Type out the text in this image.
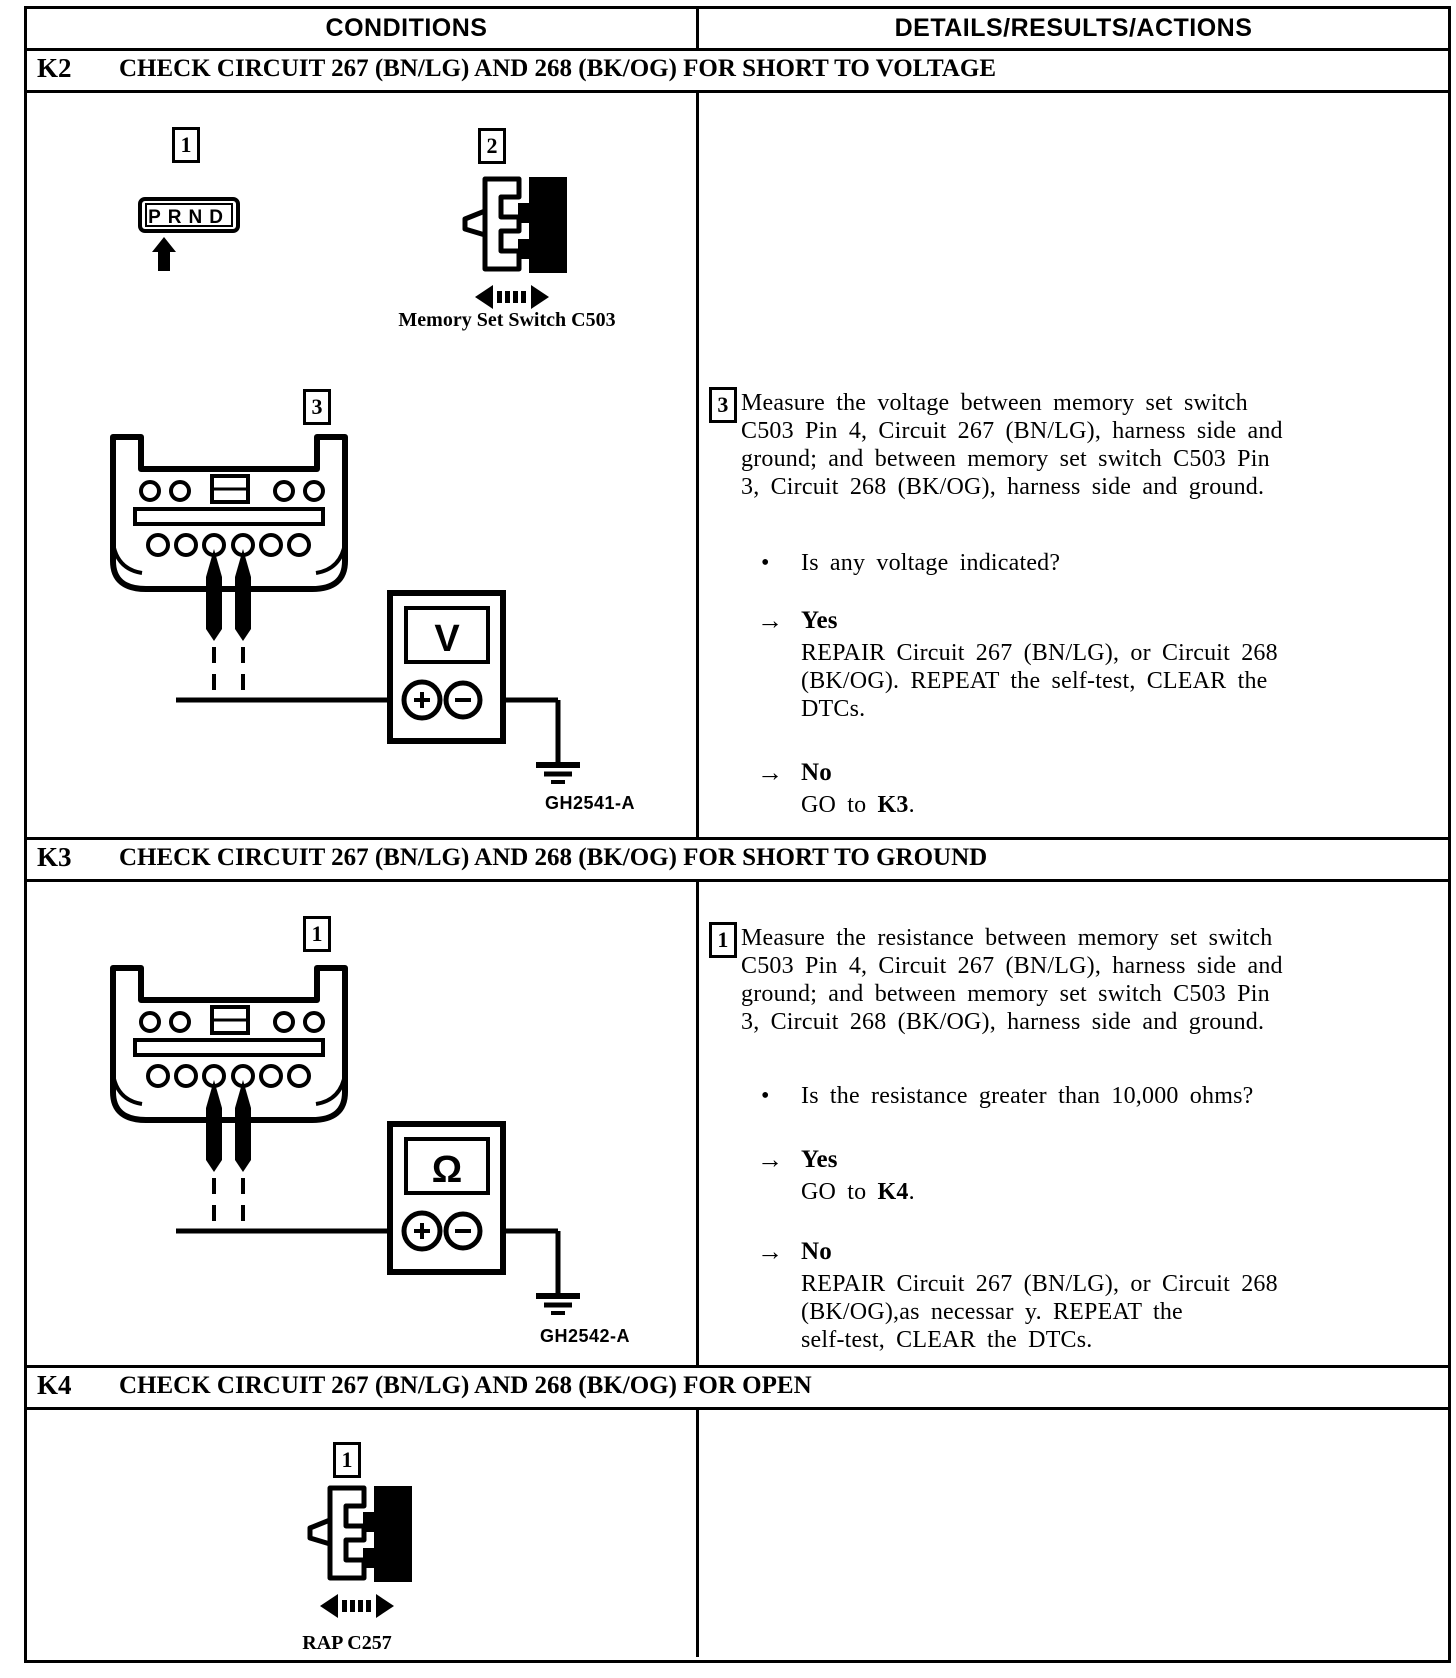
CONDITIONS	DETAILS/RESULTS/ACTIONS
K2 CHECK CIRCUIT 267 (BN/LG) AND 268 (BK/OG) FOR SHORT TO VOLTAGE
1
PRND
2
Memory Set Switch C503
3
V
GH2541-A
3 Measure the voltage between memory set switch
C503 Pin 4, Circuit 267 (BN/LG), harness side and
ground; and between memory set switch C503 Pin
3, Circuit 268 (BK/OG), harness side and ground.
• Is any voltage indicated?
→ Yes
REPAIR Circuit 267 (BN/LG), or Circuit 268
(BK/OG). REPEAT the self-test, CLEAR the
DTCs.
→ No
GO to K3.
K3 CHECK CIRCUIT 267 (BN/LG) AND 268 (BK/OG) FOR SHORT TO GROUND
1
Ω
GH2542-A
1 Measure the resistance between memory set switch
C503 Pin 4, Circuit 267 (BN/LG), harness side and
ground; and between memory set switch C503 Pin
3, Circuit 268 (BK/OG), harness side and ground.
• Is the resistance greater than 10,000 ohms?
→ Yes
GO to K4.
→ No
REPAIR Circuit 267 (BN/LG), or Circuit 268
(BK/OG),as necessar y. REPEAT the
self-test, CLEAR the DTCs.
K4 CHECK CIRCUIT 267 (BN/LG) AND 268 (BK/OG) FOR OPEN
1
RAP C257
